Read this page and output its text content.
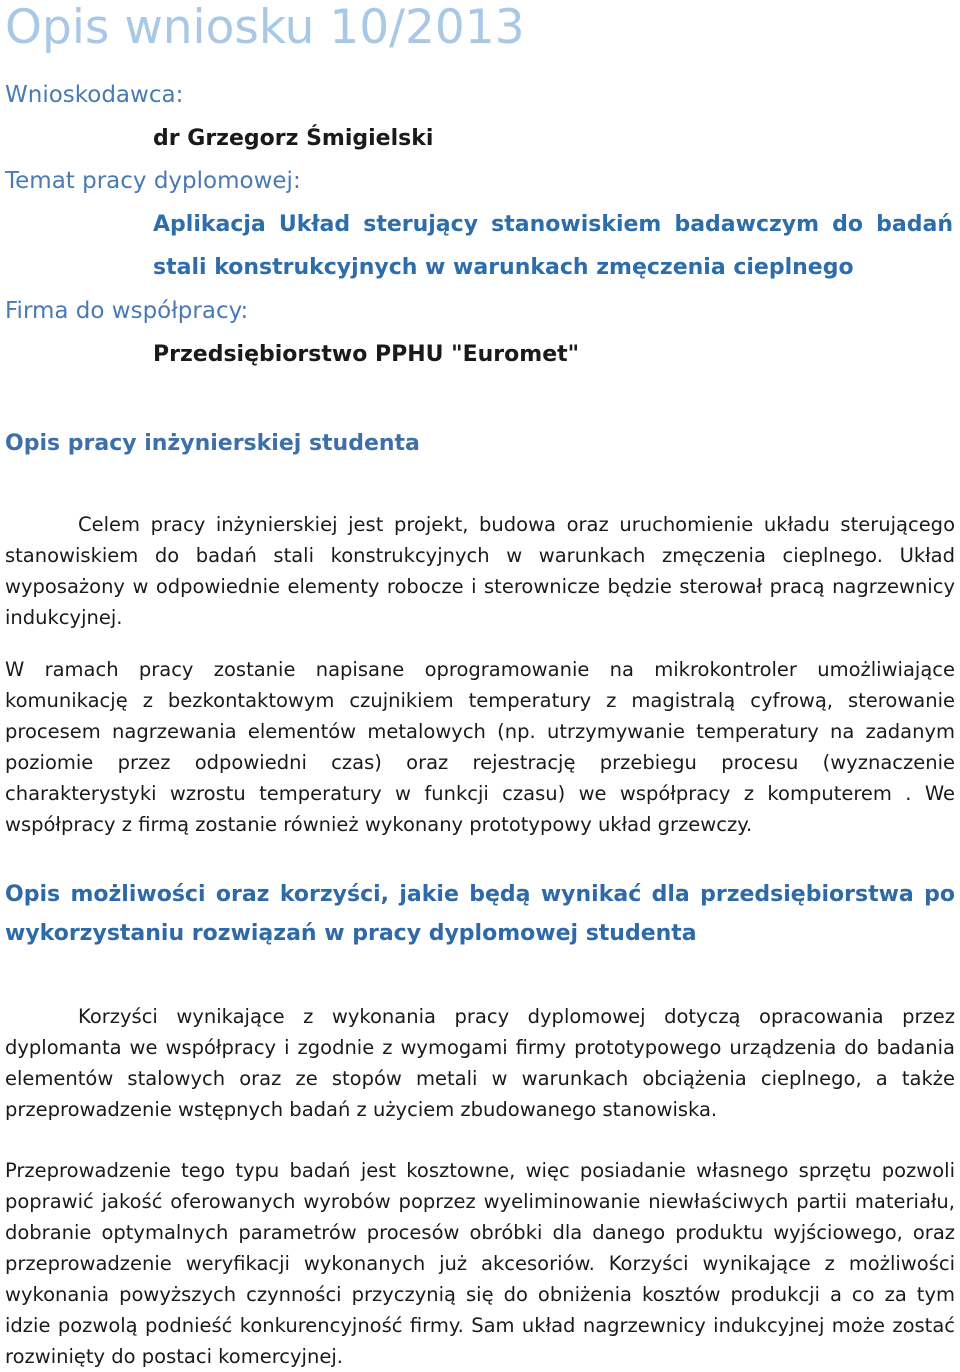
Opis wniosku 10/2013
Wnioskodawca:
dr Grzegorz Śmigielski
Temat pracy dyplomowej:
Aplikacja Układ sterujący stanowiskiem badawczym do badań stali konstrukcyjnych w warunkach zmęczenia cieplnego
Firma do współpracy:
Przedsiębiorstwo PPHU "Euromet"
Opis pracy inżynierskiej studenta

Celem pracy inżynierskiej jest projekt, budowa oraz uruchomienie układu sterującego stanowiskiem do badań stali konstrukcyjnych w warunkach zmęczenia cieplnego. Układ wyposażony w odpowiednie elementy robocze i sterownicze będzie sterował pracą nagrzewnicy indukcyjnej.

W ramach pracy zostanie napisane oprogramowanie na mikrokontroler umożliwiające komunikację z bezkontaktowym czujnikiem temperatury z magistralą cyfrową, sterowanie procesem nagrzewania elementów metalowych (np. utrzymywanie temperatury na zadanym poziomie przez odpowiedni czas) oraz rejestrację przebiegu procesu (wyznaczenie charakterystyki wzrostu temperatury w funkcji czasu) we współpracy z komputerem . We współpracy z firmą zostanie również wykonany prototypowy układ grzewczy.

Opis możliwości oraz korzyści, jakie będą wynikać dla przedsiębiorstwa po wykorzystaniu rozwiązań w pracy dyplomowej studenta

Korzyści wynikające z wykonania pracy dyplomowej dotyczą opracowania przez dyplomanta we współpracy i zgodnie z wymogami firmy prototypowego urządzenia do badania elementów stalowych oraz ze stopów metali w warunkach obciążenia cieplnego, a także przeprowadzenie wstępnych badań z użyciem zbudowanego stanowiska.

Przeprowadzenie tego typu badań jest kosztowne, więc posiadanie własnego sprzętu pozwoli poprawić jakość oferowanych wyrobów poprzez wyeliminowanie niewłaściwych partii materiału, dobranie optymalnych parametrów procesów obróbki dla danego produktu wyjściowego, oraz przeprowadzenie weryfikacji wykonanych już akcesoriów. Korzyści wynikające z możliwości wykonania powyższych czynności przyczynią się do obniżenia kosztów produkcji a co za tym idzie pozwolą podnieść konkurencyjność firmy. Sam układ nagrzewnicy indukcyjnej może zostać rozwinięty do postaci komercyjnej.
